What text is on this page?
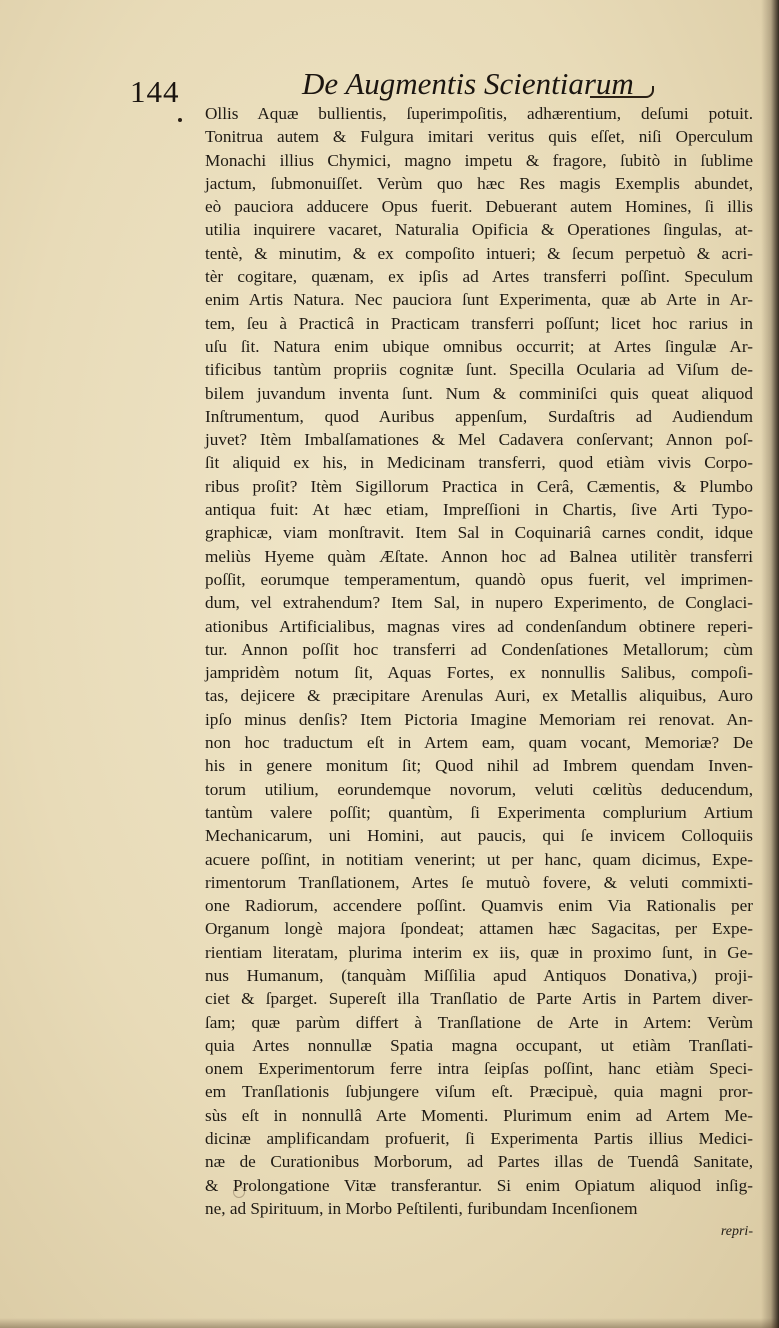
144	De Augmentis Scientiarum
Ollis Aquæ bullientis, ſuperimpoſitis, adhærentium, deſumi potuit.
Tonitrua autem & Fulgura imitari veritus quis eſſet, niſi Operculum
Monachi illius Chymici, magno impetu & fragore, ſubitò in ſublime
jactum, ſubmonuiſſet. Verùm quo hæc Res magis Exemplis abundet,
eò pauciora adducere Opus fuerit. Debuerant autem Homines, ſi illis
utilia inquirere vacaret, Naturalia Opificia & Operationes ſingulas, at-
tentè, & minutim, & ex compoſito intueri; & ſecum perpetuò & acri-
tèr cogitare, quænam, ex ipſis ad Artes transferri poſſint. Speculum
enim Artis Natura. Nec pauciora ſunt Experimenta, quæ ab Arte in Ar-
tem, ſeu à Practicâ in Practicam transferri poſſunt; licet hoc rarius in
uſu ſit. Natura enim ubique omnibus occurrit; at Artes ſingulæ Ar-
tificibus tantùm propriis cognitæ ſunt. Specilla Ocularia ad Viſum de-
bilem juvandum inventa ſunt. Num & comminiſci quis queat aliquod
Inſtrumentum, quod Auribus appenſum, Surdaſtris ad Audiendum
juvet? Itèm Imbalſamationes & Mel Cadavera conſervant; Annon poſ-
ſit aliquid ex his, in Medicinam transferri, quod etiàm vivis Corpo-
ribus proſit? Itèm Sigillorum Practica in Cerâ, Cæmentis, & Plumbo
antiqua fuit: At hæc etiam, Impreſſioni in Chartis, ſive Arti Typo-
graphicæ, viam monſtravit. Item Sal in Coquinariâ carnes condit, idque
meliùs Hyeme quàm Æſtate. Annon hoc ad Balnea utilitèr transferri
poſſit, eorumque temperamentum, quandò opus fuerit, vel imprimen-
dum, vel extrahendum? Item Sal, in nupero Experimento, de Conglaci-
ationibus Artificialibus, magnas vires ad condenſandum obtinere reperi-
tur. Annon poſſit hoc transferri ad Condenſationes Metallorum; cùm
jampridèm notum ſit, Aquas Fortes, ex nonnullis Salibus, compoſi-
tas, dejicere & præcipitare Arenulas Auri, ex Metallis aliquibus, Auro
ipſo minus denſis? Item Pictoria Imagine Memoriam rei renovat. An-
non hoc traductum eſt in Artem eam, quam vocant, Memoriæ? De
his in genere monitum ſit; Quod nihil ad Imbrem quendam Inven-
torum utilium, eorundemque novorum, veluti cœlitùs deducendum,
tantùm valere poſſit; quantùm, ſi Experimenta complurium Artium
Mechanicarum, uni Homini, aut paucis, qui ſe invicem Colloquiis
acuere poſſint, in notitiam venerint; ut per hanc, quam dicimus, Expe-
rimentorum Tranſlationem, Artes ſe mutuò fovere, & veluti commixti-
one Radiorum, accendere poſſint. Quamvis enim Via Rationalis per
Organum longè majora ſpondeat; attamen hæc Sagacitas, per Expe-
rientiam literatam, plurima interim ex iis, quæ in proximo ſunt, in Ge-
nus Humanum, (tanquàm Miſſilia apud Antiquos Donativa,) proji-
ciet & ſparget. Supereſt illa Tranſlatio de Parte Artis in Partem diver-
ſam; quæ parùm differt à Tranſlatione de Arte in Artem: Verùm
quia Artes nonnullæ Spatia magna occupant, ut etiàm Tranſlati-
onem Experimentorum ferre intra ſeipſas poſſint, hanc etiàm Speci-
em Tranſlationis ſubjungere viſum eſt. Præcipuè, quia magni pror-
sùs eſt in nonnullâ Arte Momenti. Plurimum enim ad Artem Me-
dicinæ amplificandam profuerit, ſi Experimenta Partis illius Medici-
næ de Curationibus Morborum, ad Partes illas de Tuendâ Sanitate,
& Prolongatione Vitæ transferantur. Si enim Opiatum aliquod inſig-
ne, ad Spirituum, in Morbo Peſtilenti, furibundam Incenſionem
repri-
